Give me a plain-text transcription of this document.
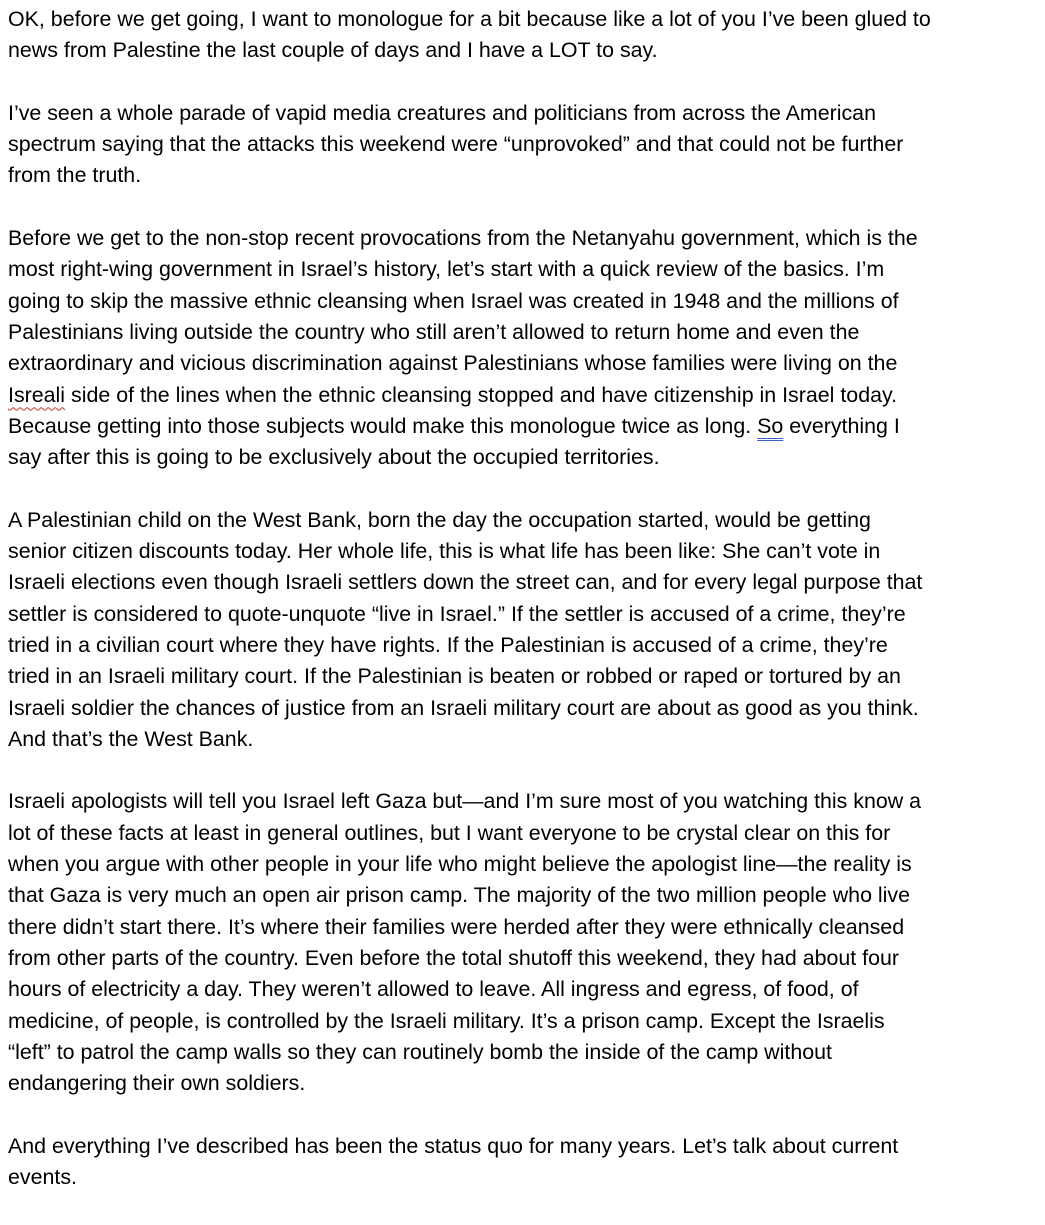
OK, before we get going, I want to monologue for a bit because like a lot of you I’ve been glued to
news from Palestine the last couple of days and I have a LOT to say.

I’ve seen a whole parade of vapid media creatures and politicians from across the American
spectrum saying that the attacks this weekend were “unprovoked” and that could not be further
from the truth.

Before we get to the non-stop recent provocations from the Netanyahu government, which is the
most right-wing government in Israel’s history, let’s start with a quick review of the basics. I’m
going to skip the massive ethnic cleansing when Israel was created in 1948 and the millions of
Palestinians living outside the country who still aren’t allowed to return home and even the
extraordinary and vicious discrimination against Palestinians whose families were living on the
Isreali side of the lines when the ethnic cleansing stopped and have citizenship in Israel today.
Because getting into those subjects would make this monologue twice as long. So everything I
say after this is going to be exclusively about the occupied territories.

A Palestinian child on the West Bank, born the day the occupation started, would be getting
senior citizen discounts today. Her whole life, this is what life has been like: She can’t vote in
Israeli elections even though Israeli settlers down the street can, and for every legal purpose that
settler is considered to quote-unquote “live in Israel.” If the settler is accused of a crime, they’re
tried in a civilian court where they have rights. If the Palestinian is accused of a crime, they’re
tried in an Israeli military court. If the Palestinian is beaten or robbed or raped or tortured by an
Israeli soldier the chances of justice from an Israeli military court are about as good as you think.
And that’s the West Bank.

Israeli apologists will tell you Israel left Gaza but—and I’m sure most of you watching this know a
lot of these facts at least in general outlines, but I want everyone to be crystal clear on this for
when you argue with other people in your life who might believe the apologist line—the reality is
that Gaza is very much an open air prison camp. The majority of the two million people who live
there didn’t start there. It’s where their families were herded after they were ethnically cleansed
from other parts of the country. Even before the total shutoff this weekend, they had about four
hours of electricity a day. They weren’t allowed to leave. All ingress and egress, of food, of
medicine, of people, is controlled by the Israeli military. It’s a prison camp. Except the Israelis
“left” to patrol the camp walls so they can routinely bomb the inside of the camp without
endangering their own soldiers.

And everything I’ve described has been the status quo for many years. Let’s talk about current
events.
